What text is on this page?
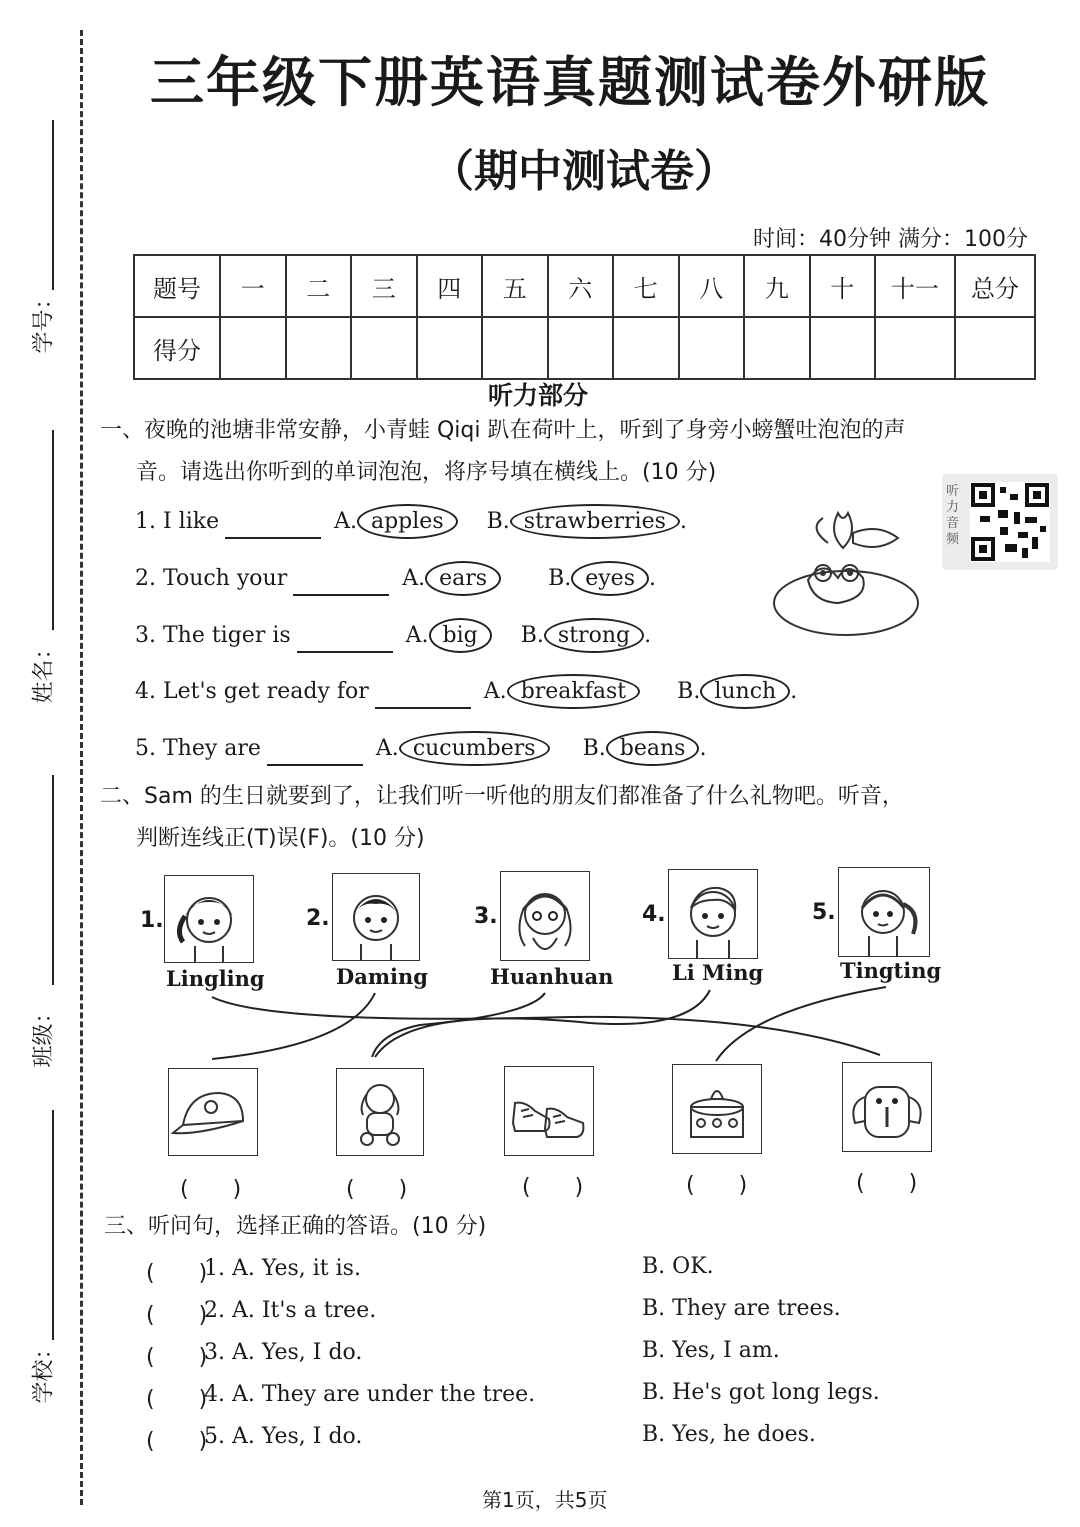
学号：
姓名：
班级：
学校：
三年级下册英语真题测试卷外研版
（期中测试卷）
时间：40分钟 满分：100分
题号	一	二	三	四	五	六	七	八	九	十	十一	总分
得分												
听力部分
一、夜晚的池塘非常安静，小青蛙 Qiqi 趴在荷叶上，听到了身旁小螃蟹吐泡泡的声
音。请选出你听到的单词泡泡，将序号填在横线上。(10 分)
1. I like	A. apples B. strawberries .
2. Touch your	A. ears	B. eyes .
3. The tiger is	A. big B. strong .
4. Let's get ready for	A. breakfast B. lunch .
5. They are	A. cucumbers B. beans .
听力音频
二、Sam 的生日就要到了，让我们听一听他的朋友们都准备了什么礼物吧。听音，
判断连线正(T)误(F)。(10 分)
1.	2.	3.	4.	5.
Lingling	Daming	Huanhuan	Li Ming	Tingting
(　　)	(　　)	(　　)	(　　)	(　　)
三、听问句，选择正确的答语。(10 分)
(　　)
1. A. Yes, it is.	B. OK.
(　　)
2. A. It's a tree.	B. They are trees.
(　　)
3. A. Yes, I do.	B. Yes, I am.
(　　)
4. A. They are under the tree.	B. He's got long legs.
(　　)
5. A. Yes, I do.	B. Yes, he does.
第1页，共5页
